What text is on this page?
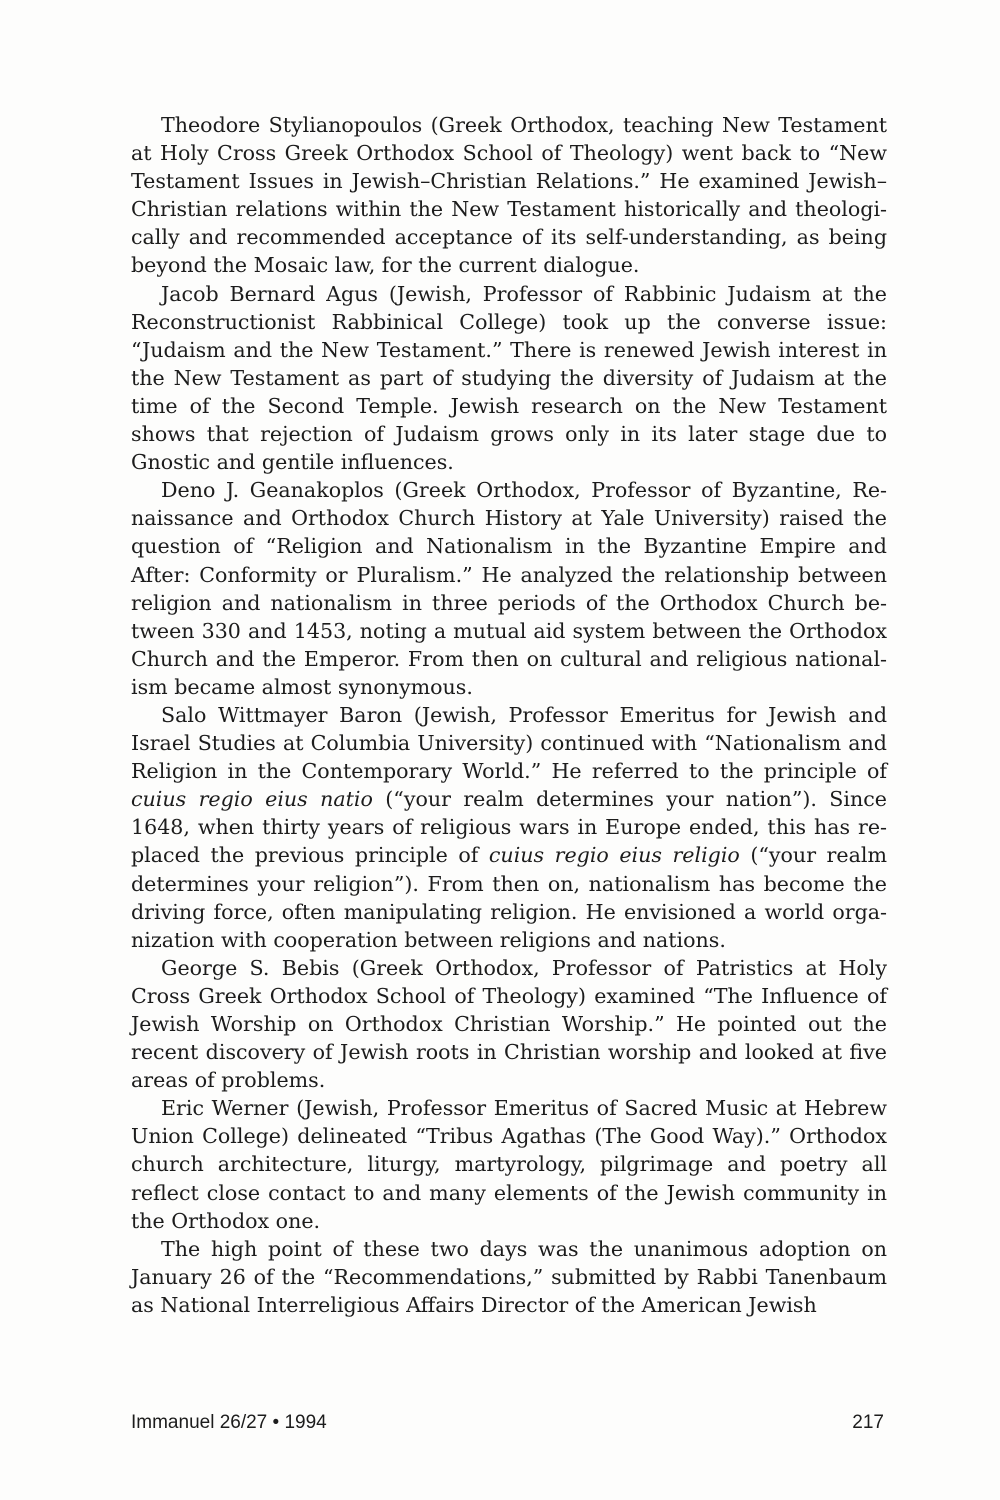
Theodore Stylianopoulos (Greek Orthodox, teaching New Testament at Holy Cross Greek Orthodox School of Theology) went back to “New Testament Issues in Jewish–Christian Relations.” He examined Jewish–Christian relations within the New Testament historically and theologically and recommended acceptance of its self-understanding, as being beyond the Mosaic law, for the current dialogue.

Jacob Bernard Agus (Jewish, Professor of Rabbinic Judaism at the Reconstructionist Rabbinical College) took up the converse issue: “Judaism and the New Testament.” There is renewed Jewish interest in the New Testament as part of studying the diversity of Judaism at the time of the Second Temple. Jewish research on the New Testament shows that rejection of Judaism grows only in its later stage due to Gnostic and gentile influences.

Deno J. Geanakoplos (Greek Orthodox, Professor of Byzantine, Renaissance and Orthodox Church History at Yale University) raised the question of “Religion and Nationalism in the Byzantine Empire and After: Conformity or Pluralism.” He analyzed the relationship between religion and nationalism in three periods of the Orthodox Church between 330 and 1453, noting a mutual aid system between the Orthodox Church and the Emperor. From then on cultural and religious nationalism became almost synonymous.

Salo Wittmayer Baron (Jewish, Professor Emeritus for Jewish and Israel Studies at Columbia University) continued with “Nationalism and Religion in the Contemporary World.” He referred to the principle of cuius regio eius natio (“your realm determines your nation”). Since 1648, when thirty years of religious wars in Europe ended, this has replaced the previous principle of cuius regio eius religio (“your realm determines your religion”). From then on, nationalism has become the driving force, often manipulating religion. He envisioned a world organization with cooperation between religions and nations.

George S. Bebis (Greek Orthodox, Professor of Patristics at Holy Cross Greek Orthodox School of Theology) examined “The Influence of Jewish Worship on Orthodox Christian Worship.” He pointed out the recent discovery of Jewish roots in Christian worship and looked at five areas of problems.

Eric Werner (Jewish, Professor Emeritus of Sacred Music at Hebrew Union College) delineated “Tribus Agathas (The Good Way).” Orthodox church architecture, liturgy, martyrology, pilgrimage and poetry all reflect close contact to and many elements of the Jewish community in the Orthodox one.

The high point of these two days was the unanimous adoption on January 26 of the “Recommendations,” submitted by Rabbi Tanenbaum as National Interreligious Affairs Director of the American Jewish

Immanuel 26/27 • 1994	217
